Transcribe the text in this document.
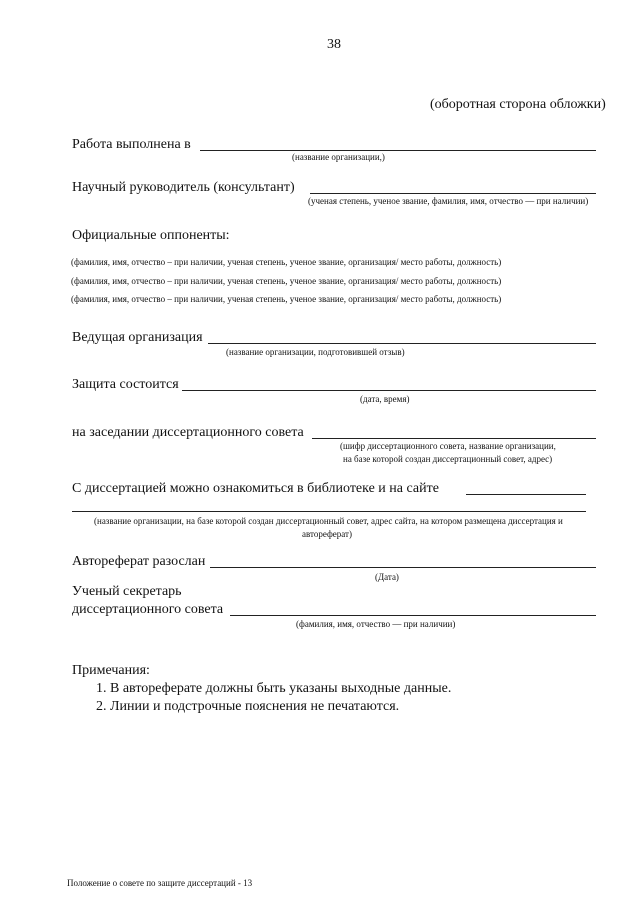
38
(оборотная сторона обложки)
Работа выполнена в
(название организации,)
Научный руководитель (консультант)
(ученая степень, ученое звание, фамилия, имя, отчество — при наличии)
Официальные оппоненты:
(фамилия, имя, отчество – при наличии, ученая степень, ученое звание, организация/ место работы, должность)
(фамилия, имя, отчество – при наличии, ученая степень, ученое звание, организация/ место работы, должность)
(фамилия, имя, отчество – при наличии, ученая степень, ученое звание, организация/ место работы, должность)
Ведущая организация
(название организации, подготовившей отзыв)
Защита состоится
(дата, время)
на заседании диссертационного совета
(шифр диссертационного совета, название организации,
на базе которой создан диссертационный совет, адрес)
С диссертацией можно ознакомиться в библиотеке и на сайте
(название организации, на базе которой создан диссертационный совет, адрес сайта, на котором размещена диссертация и
автореферат)
Автореферат разослан
(Дата)
Ученый секретарь
диссертационного совета
(фамилия, имя, отчество — при наличии)
Примечания:
1. В автореферате должны быть указаны выходные данные.
2. Линии и подстрочные пояснения не печатаются.
Положение о совете по защите диссертаций - 13
